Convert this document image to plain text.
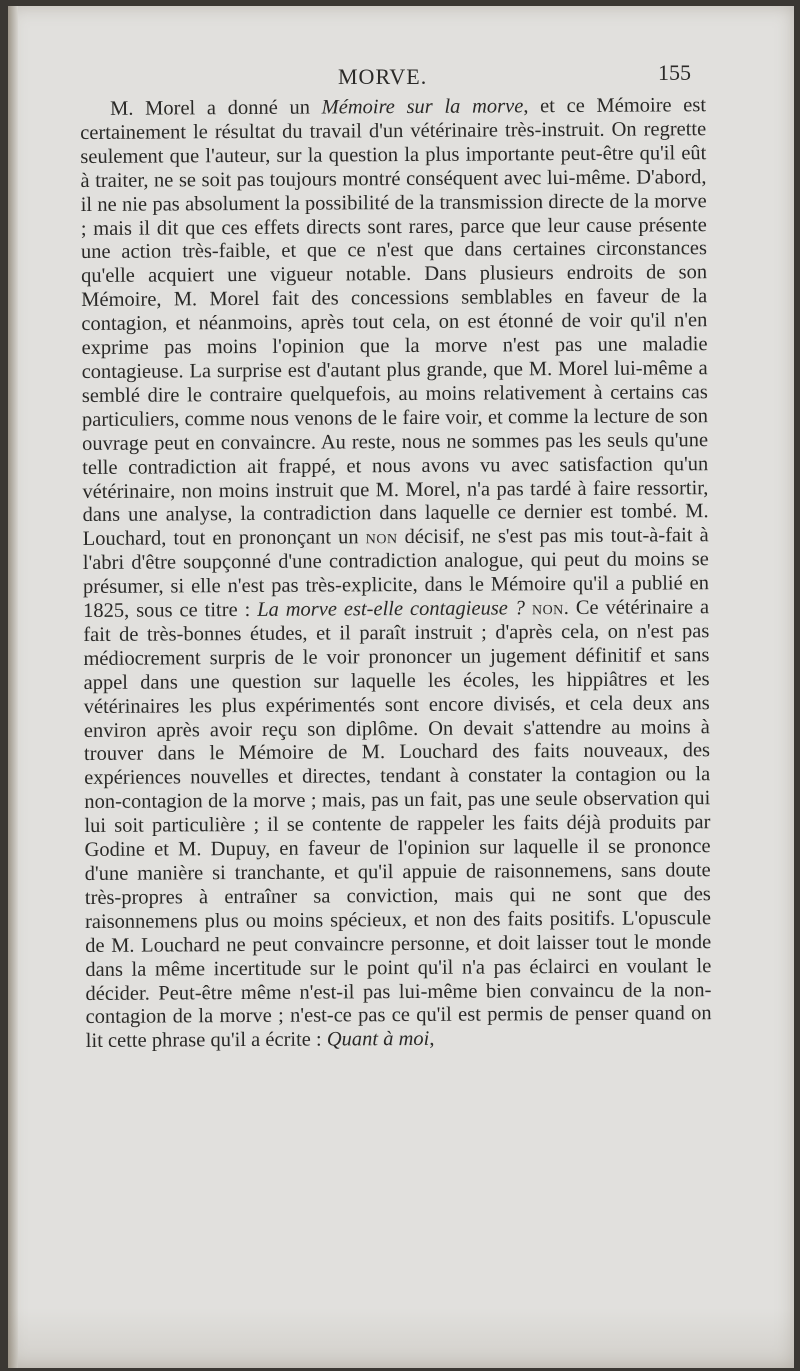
MORVE.	155

M. Morel a donné un Mémoire sur la morve, et ce Mémoire est certainement le résultat du travail d'un vétérinaire très-instruit. On regrette seulement que l'auteur, sur la question la plus importante peut-être qu'il eût à traiter, ne se soit pas toujours montré conséquent avec lui-même. D'abord, il ne nie pas absolument la possibilité de la transmission directe de la morve ; mais il dit que ces effets directs sont rares, parce que leur cause présente une action très-faible, et que ce n'est que dans certaines circonstances qu'elle acquiert une vigueur notable. Dans plusieurs endroits de son Mémoire, M. Morel fait des concessions semblables en faveur de la contagion, et néanmoins, après tout cela, on est étonné de voir qu'il n'en exprime pas moins l'opinion que la morve n'est pas une maladie contagieuse. La surprise est d'autant plus grande, que M. Morel lui-même a semblé dire le contraire quelquefois, au moins relativement à certains cas particuliers, comme nous venons de le faire voir, et comme la lecture de son ouvrage peut en convaincre. Au reste, nous ne sommes pas les seuls qu'une telle contradiction ait frappé, et nous avons vu avec satisfaction qu'un vétérinaire, non moins instruit que M. Morel, n'a pas tardé à faire ressortir, dans une analyse, la contradiction dans laquelle ce dernier est tombé. M. Louchard, tout en prononçant un non décisif, ne s'est pas mis tout-à-fait à l'abri d'être soupçonné d'une contradiction analogue, qui peut du moins se présumer, si elle n'est pas très-explicite, dans le Mémoire qu'il a publié en 1825, sous ce titre : La morve est-elle contagieuse ? non. Ce vétérinaire a fait de très-bonnes études, et il paraît instruit ; d'après cela, on n'est pas médiocrement surpris de le voir prononcer un jugement définitif et sans appel dans une question sur laquelle les écoles, les hippiâtres et les vétérinaires les plus expérimentés sont encore divisés, et cela deux ans environ après avoir reçu son diplôme. On devait s'attendre au moins à trouver dans le Mémoire de M. Louchard des faits nouveaux, des expériences nouvelles et directes, tendant à constater la contagion ou la non-contagion de la morve ; mais, pas un fait, pas une seule observation qui lui soit particulière ; il se contente de rappeler les faits déjà produits par Godine et M. Dupuy, en faveur de l'opinion sur laquelle il se prononce d'une manière si tranchante, et qu'il appuie de raisonnemens, sans doute très-propres à entraîner sa conviction, mais qui ne sont que des raisonnemens plus ou moins spécieux, et non des faits positifs. L'opuscule de M. Louchard ne peut convaincre personne, et doit laisser tout le monde dans la même incertitude sur le point qu'il n'a pas éclairci en voulant le décider. Peut-être même n'est-il pas lui-même bien convaincu de la non-contagion de la morve ; n'est-ce pas ce qu'il est permis de penser quand on lit cette phrase qu'il a écrite : Quant à moi,
